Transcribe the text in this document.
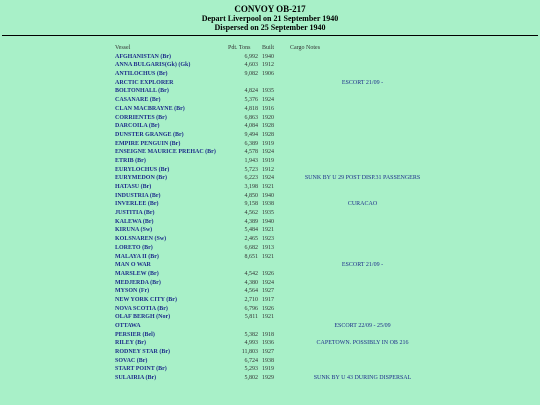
CONVOY OB-217
Depart Liverpool on 21 September 1940
Dispersed on 25 September 1940
Vessel	Pdt. Tons Built	Cargo Notes
AFGHANISTAN (Br)	6,992 1940
ANNA BULGARIS(Gk) (Gk)	4,603 1912
ANTILOCHUS (Br)	9,082 1906
ARCTIC EXPLORER	ESCORT 21/09 -
BOLTONHALL (Br)	4,824 1935
CASANARE (Br)	5,376 1924
CLAN MACBRAYNE (Br)	4,818 1916
CORRIENTES (Br)	6,863 1920
DARCOILA (Br)	4,084 1928
DUNSTER GRANGE (Br)	9,494 1928
EMPIRE PENGUIN (Br)	6,389 1919
ENSEIGNE MAURICE PREHAC (Br)	4,578 1924
ETRIB (Br)	1,943 1919
EURYLOCHUS (Br)	5,723 1912
EURYMEDON (Br)	6,223 1924	SUNK BY U 29 POST DISP.31 PASSENGERS
HATASU (Br)	3,198 1921
INDUSTRIA (Br)	4,850 1940
INVERLEE (Br)	9,158 1938	CURACAO
JUSTITIA (Br)	4,562 1935
KALEWA (Br)	4,389 1940
KIRUNA (Sw)	5,484 1921
KOLSNAREN (Sw)	2,465 1923
LORETO (Br)	6,682 1913
MALAYA II (Br)	8,651 1921
MAN O WAR	ESCORT 21/09 -
MARSLEW (Br)	4,542 1926
MEDJERDA (Br)	4,380 1924
MYSON (Fr)	4,564 1927
NEW YORK CITY (Br)	2,710 1917
NOVA SCOTIA (Br)	6,796 1926
OLAF BERGH (Nor)	5,811 1921
OTTAWA	ESCORT 22/09 - 25/09
PERSIER (Bel)	5,382 1918
RILEY (Br)	4,993 1936	CAPETOWN. POSSIBLY IN OB 216
RODNEY STAR (Br)	11,803 1927
SOVAC (Br)	6,724 1938
START POINT (Br)	5,293 1919
SULAIRIA (Br)	5,802 1929	SUNK BY U 43 DURING DISPERSAL
